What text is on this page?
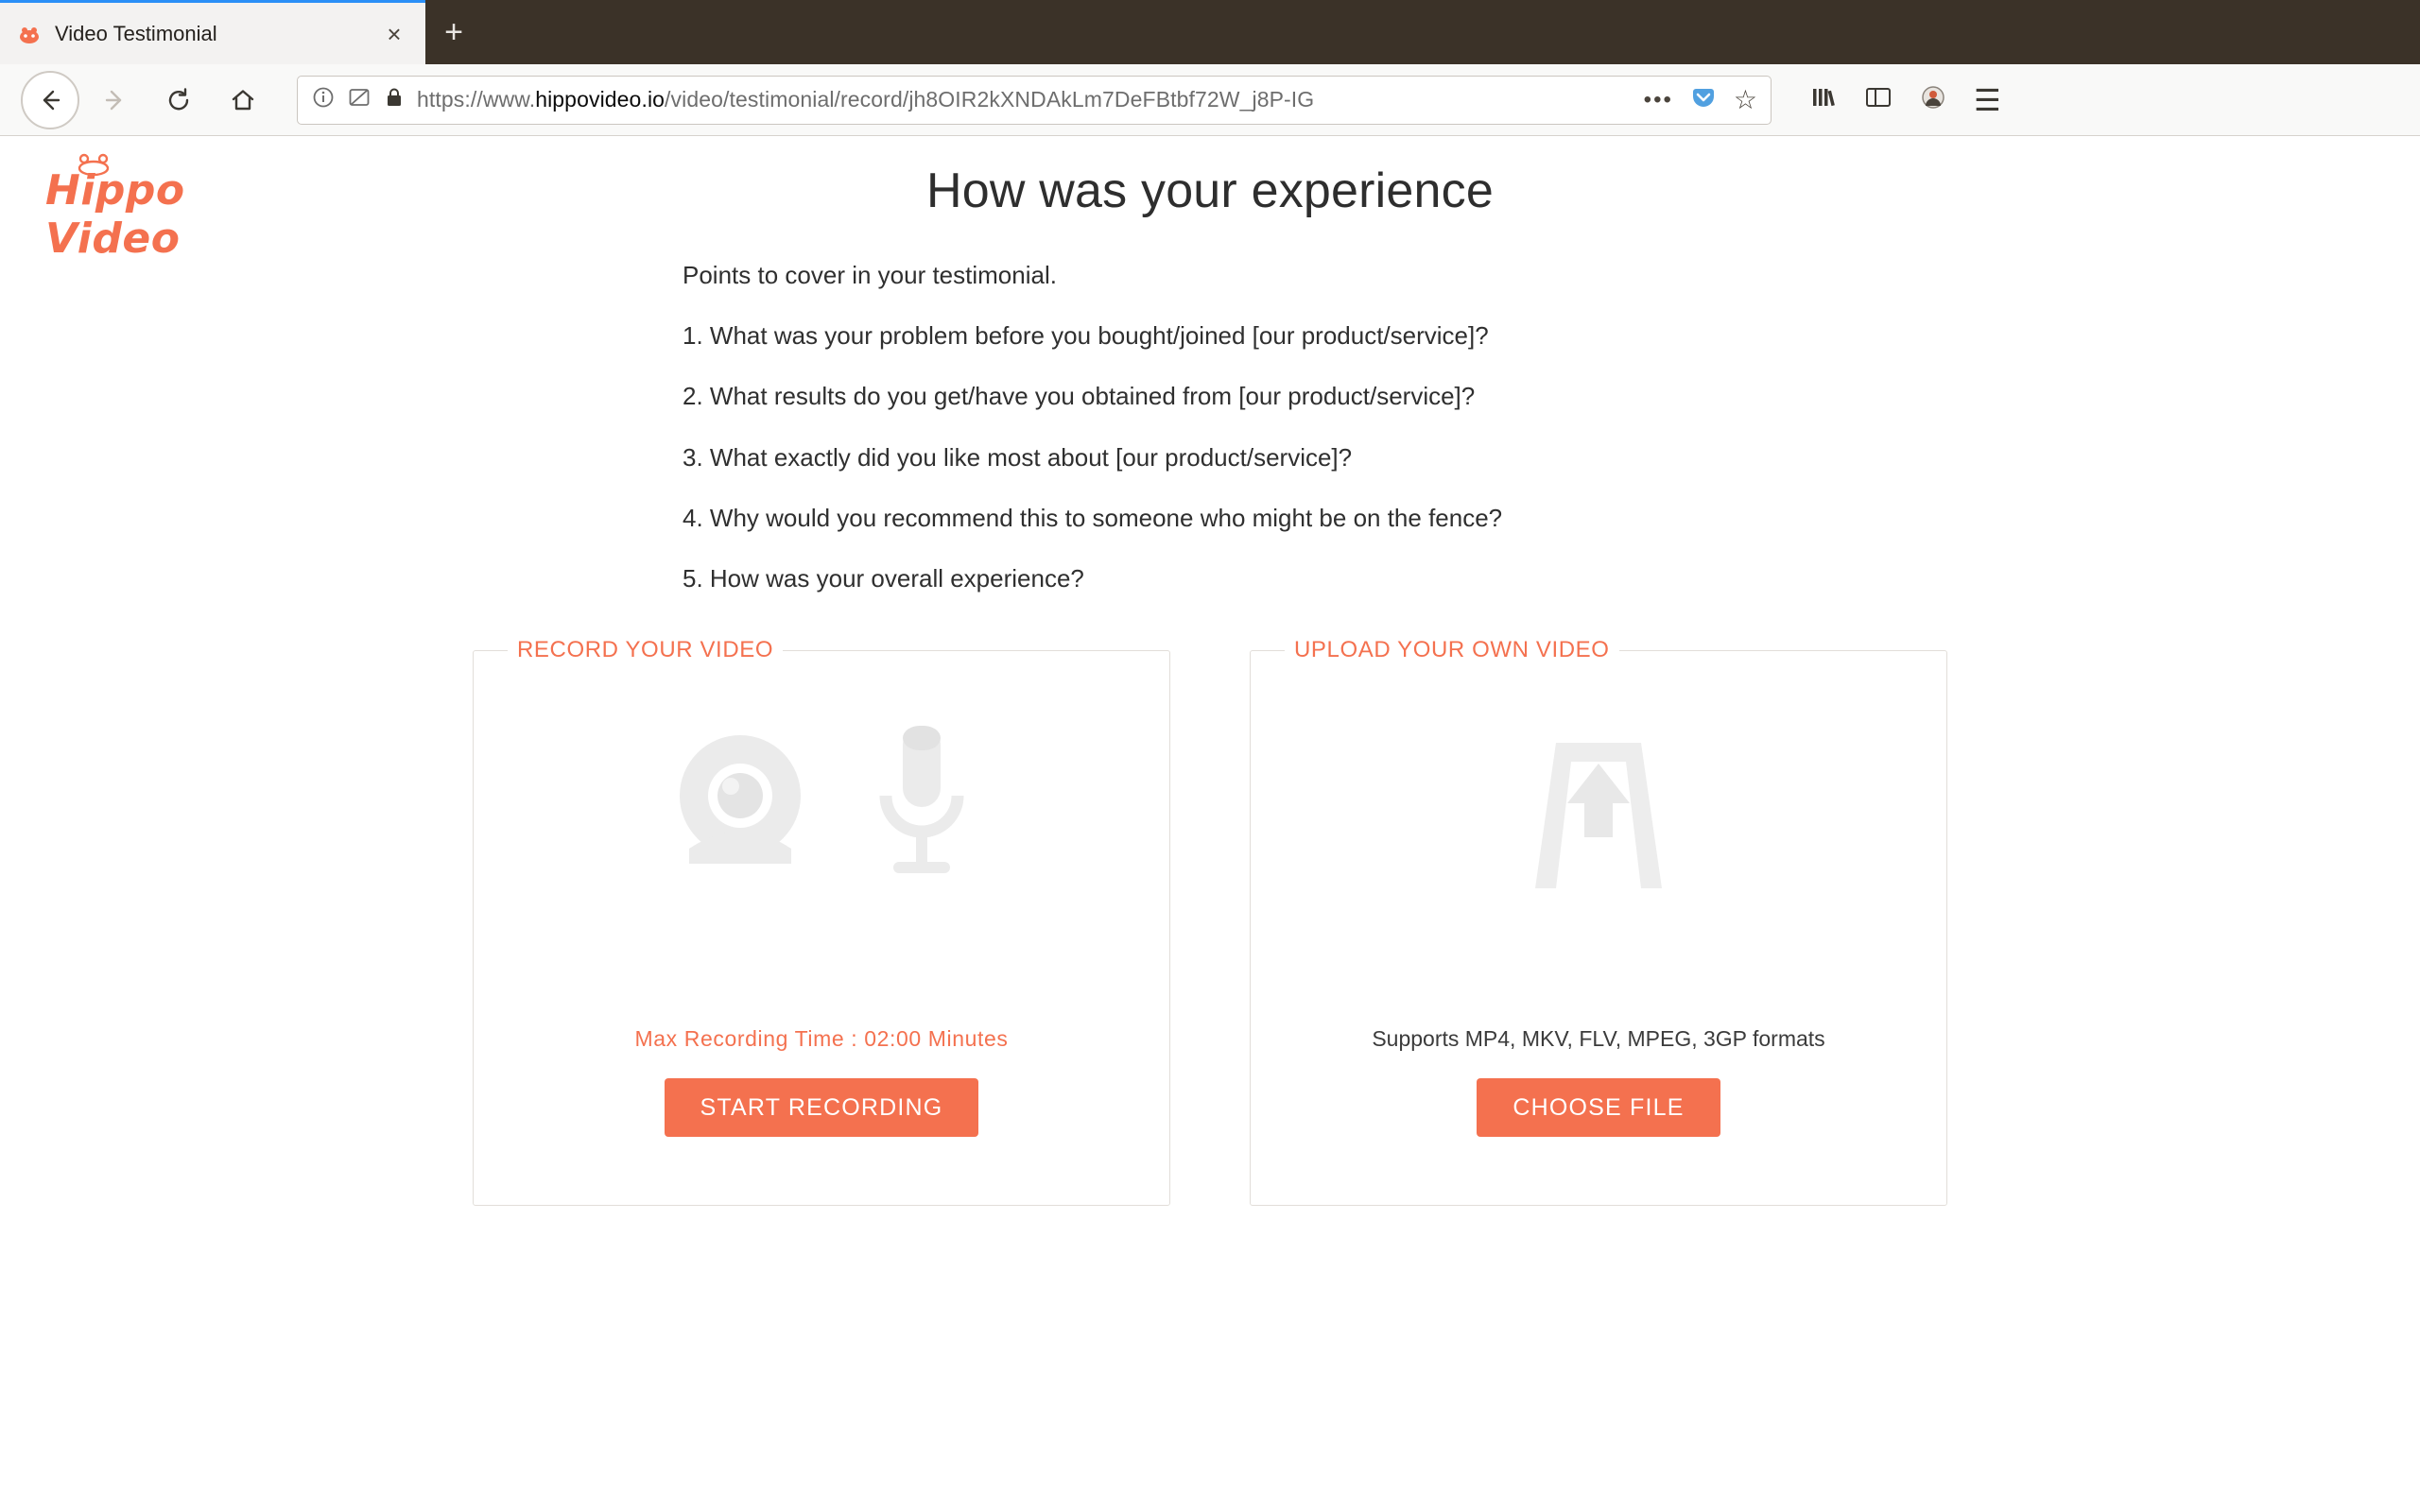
Video Testimonial	×	+
https://www.hippovideo.io/video/testimonial/record/jh8OIR2kXNDAkLm7DeFBtbf72W_j8P-IG	••• ☆	☰
Hippo Video
How was your experience

Points to cover in your testimonial.

1. What was your problem before you bought/joined [our product/service]?

2. What results do you get/have you obtained from [our product/service]?

3. What exactly did you like most about [our product/service]?

4. Why would you recommend this to someone who might be on the fence?

5. How was your overall experience?

RECORD YOUR VIDEO
Max Recording Time : 02:00 Minutes
START RECORDING
UPLOAD YOUR OWN VIDEO
Supports MP4, MKV, FLV, MPEG, 3GP formats
CHOOSE FILE
